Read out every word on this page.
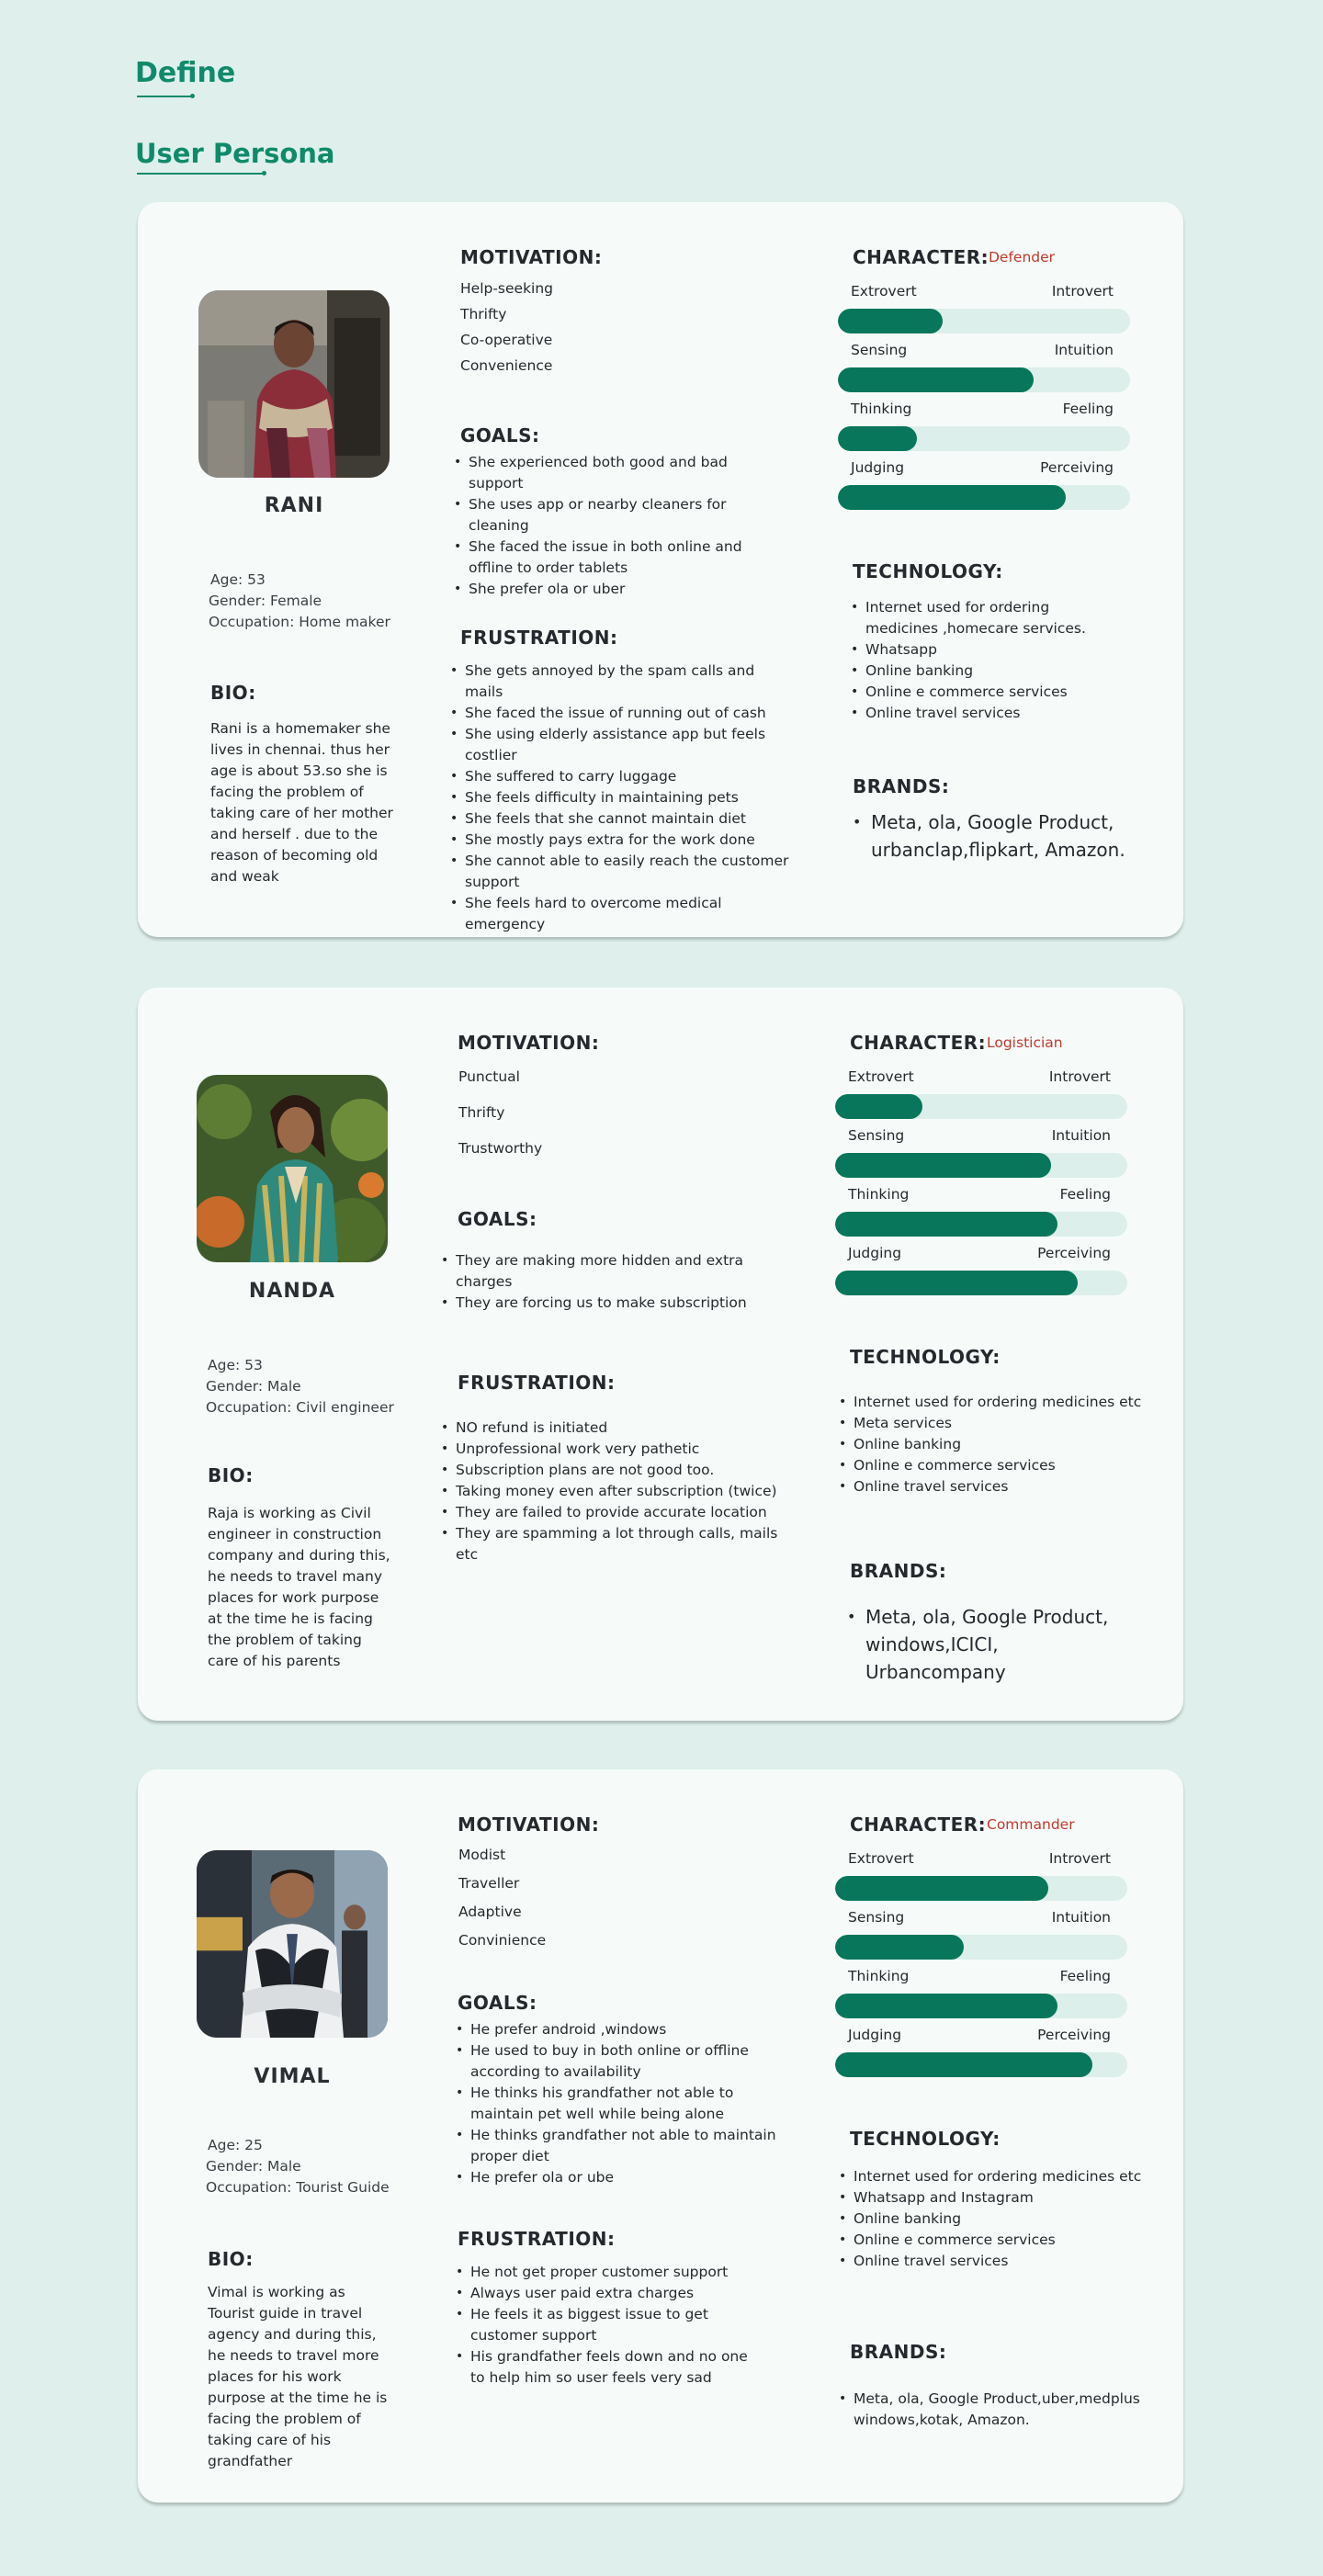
Define
User Persona
RANI
Age: 53
Gender: Female
Occupation: Home maker
BIO:
Rani is a homemaker she lives in chennai. thus her age is about 53.so she is facing the problem of taking care of her mother and herself . due to the reason of becoming old and weak
MOTIVATION:
Help-seeking
Thrifty
Co-operative
Convenience
GOALS:
• She experienced both good and bad support
• She uses app or nearby cleaners for cleaning
• She faced the issue in both online and offline to order tablets
• She prefer ola or uber
FRUSTRATION:
• She gets annoyed by the spam calls and mails
• She faced the issue of running out of cash
• She using elderly assistance app but feels costlier
• She suffered to carry luggage
• She feels difficulty in maintaining pets
• She feels that she cannot maintain diet
• She mostly pays extra for the work done
• She cannot able to easily reach the customer support
• She feels hard to overcome medical emergency
CHARACTER: Defender
Extrovert	Introvert
Sensing	Intuition
Thinking	Feeling
Judging	Perceiving
TECHNOLOGY:
• Internet used for ordering medicines ,homecare services.
• Whatsapp
• Online banking
• Online e commerce services
• Online travel services
BRANDS:
• Meta, ola, Google Product, urbanclap,flipkart, Amazon.
NANDA
Age: 53
Gender: Male
Occupation: Civil engineer
BIO:
Raja is working as Civil engineer in construction company and during this, he needs to travel many places for work purpose at the time he is facing the problem of taking care of his parents
MOTIVATION:
Punctual
Thrifty
Trustworthy
GOALS:
• They are making more hidden and extra charges
• They are forcing us to make subscription
FRUSTRATION:
• NO refund is initiated
• Unprofessional work very pathetic
• Subscription plans are not good too.
• Taking money even after subscription (twice)
• They are failed to provide accurate location
• They are spamming a lot through calls, mails etc
CHARACTER: Logistician
Extrovert	Introvert
Sensing	Intuition
Thinking	Feeling
Judging	Perceiving
TECHNOLOGY:
• Internet used for ordering medicines etc
• Meta services
• Online banking
• Online e commerce services
• Online travel services
BRANDS:
• Meta, ola, Google Product, windows,ICICI, Urbancompany
VIMAL
Age: 25
Gender: Male
Occupation: Tourist Guide
BIO:
Vimal is working as Tourist guide in travel agency and during this, he needs to travel more places for his work purpose at the time he is facing the problem of taking care of his grandfather
MOTIVATION:
Modist
Traveller
Adaptive
Convinience
GOALS:
• He prefer android ,windows
• He used to buy in both online or offline according to availability
• He thinks his grandfather not able to maintain pet well while being alone
• He thinks grandfather not able to maintain proper diet
• He prefer ola or ube
FRUSTRATION:
• He not get proper customer support
• Always user paid extra charges
• He feels it as biggest issue to get customer support
• His grandfather feels down and no one to help him so user feels very sad
CHARACTER: Commander
Extrovert	Introvert
Sensing	Intuition
Thinking	Feeling
Judging	Perceiving
TECHNOLOGY:
• Internet used for ordering medicines etc
• Whatsapp and Instagram
• Online banking
• Online e commerce services
• Online travel services
BRANDS:
• Meta, ola, Google Product,uber,medplus windows,kotak, Amazon.
